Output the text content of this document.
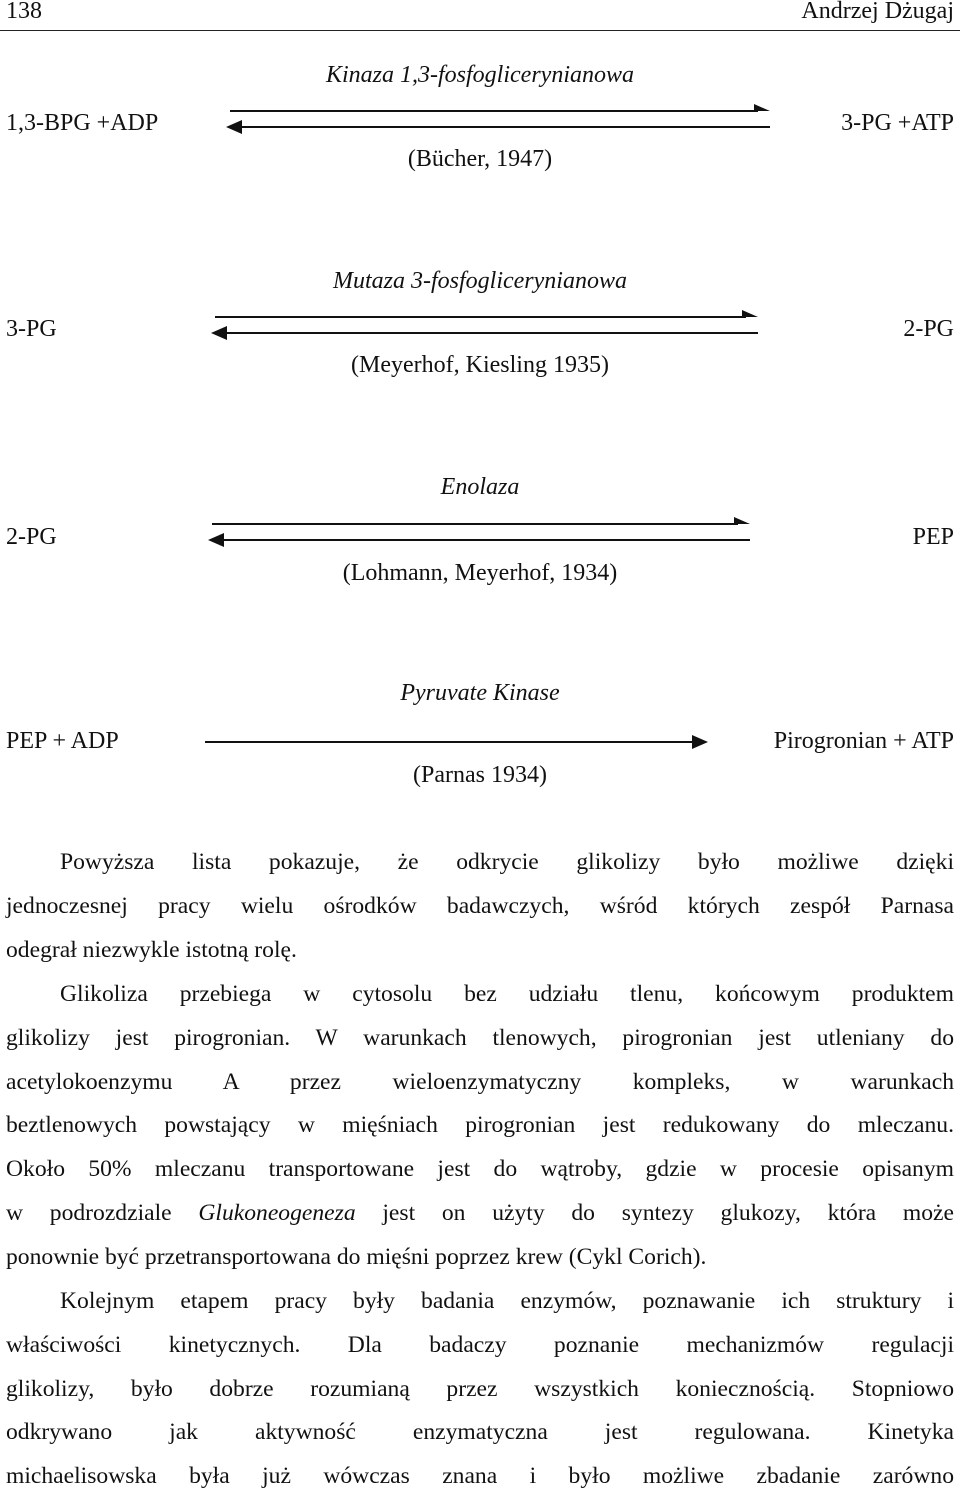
138	Andrzej Dżugaj
Kinaza 1,3-fosfoglicerynianowa
1,3-BPG +ADP	3-PG +ATP
(Bücher, 1947)
Mutaza 3-fosfoglicerynianowa
3-PG	2-PG
(Meyerhof, Kiesling 1935)
Enolaza
2-PG	PEP
(Lohmann, Meyerhof, 1934)
Pyruvate Kinase
PEP + ADP	Pirogronian + ATP
(Parnas 1934)
Powyższa lista pokazuje, że odkrycie glikolizy było możliwe dzięki
jednoczesnej pracy wielu ośrodków badawczych, wśród których zespół Parnasa
odegrał niezwykle istotną rolę.
Glikoliza przebiega w cytosolu bez udziału tlenu, końcowym produktem
glikolizy jest pirogronian. W warunkach tlenowych, pirogronian jest utleniany do
acetylokoenzymu A przez wieloenzymatyczny kompleks, w warunkach
beztlenowych powstający w mięśniach pirogronian jest redukowany do mleczanu.
Około 50% mleczanu transportowane jest do wątroby, gdzie w procesie opisanym
w podrozdziale Glukoneogeneza jest on użyty do syntezy glukozy, która może
ponownie być przetransportowana do mięśni poprzez krew (Cykl Corich).
Kolejnym etapem pracy były badania enzymów, poznawanie ich struktury i
właściwości kinetycznych. Dla badaczy poznanie mechanizmów regulacji
glikolizy, było dobrze rozumianą przez wszystkich koniecznością. Stopniowo
odkrywano jak aktywność enzymatyczna jest regulowana. Kinetyka
michaelisowska była już wówczas znana i było możliwe zbadanie zarówno
